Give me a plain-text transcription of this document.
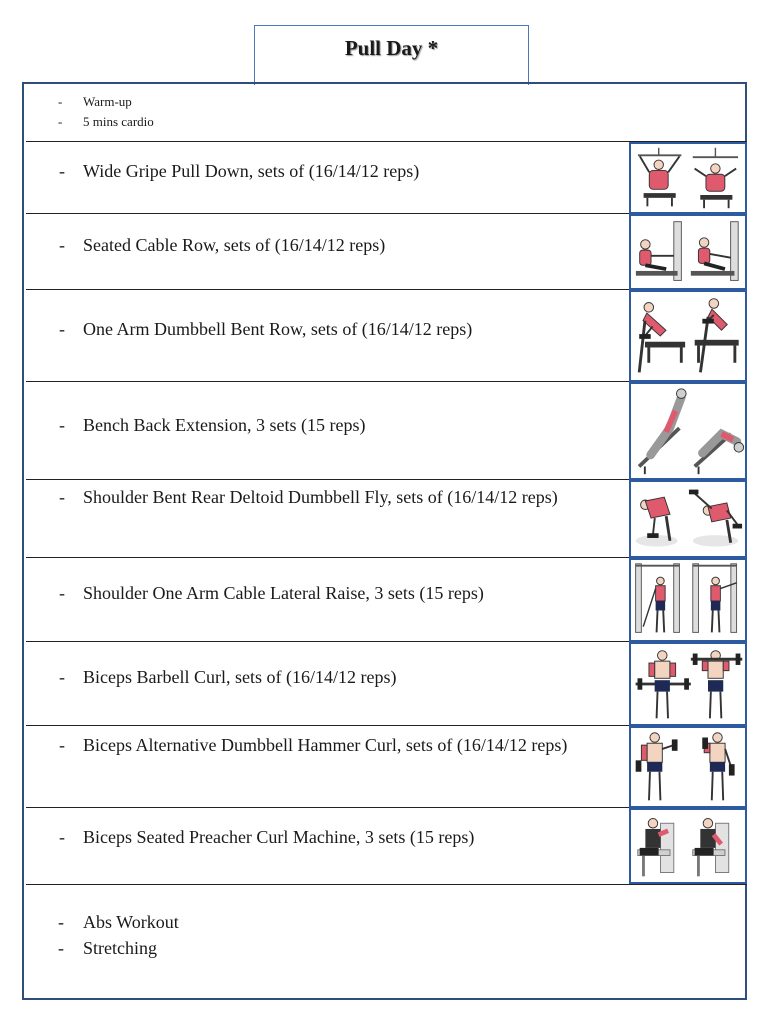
Pull Day *
- Warm-up
- 5 mins cardio
-	Wide Gripe Pull Down, sets of (16/14/12 reps)
-	Seated Cable Row, sets of (16/14/12 reps)
-	One Arm Dumbbell Bent Row, sets of (16/14/12 reps)
-	Bench Back Extension, 3 sets (15 reps)
-	Shoulder Bent Rear Deltoid Dumbbell Fly, sets of (16/14/12 reps)
-	Shoulder One Arm Cable Lateral Raise, 3 sets (15 reps)
-	Biceps Barbell Curl, sets of (16/14/12 reps)
-	Biceps Alternative Dumbbell Hammer Curl, sets of (16/14/12 reps)
-	Biceps Seated Preacher Curl Machine, 3 sets (15 reps)
- Abs Workout
- Stretching
